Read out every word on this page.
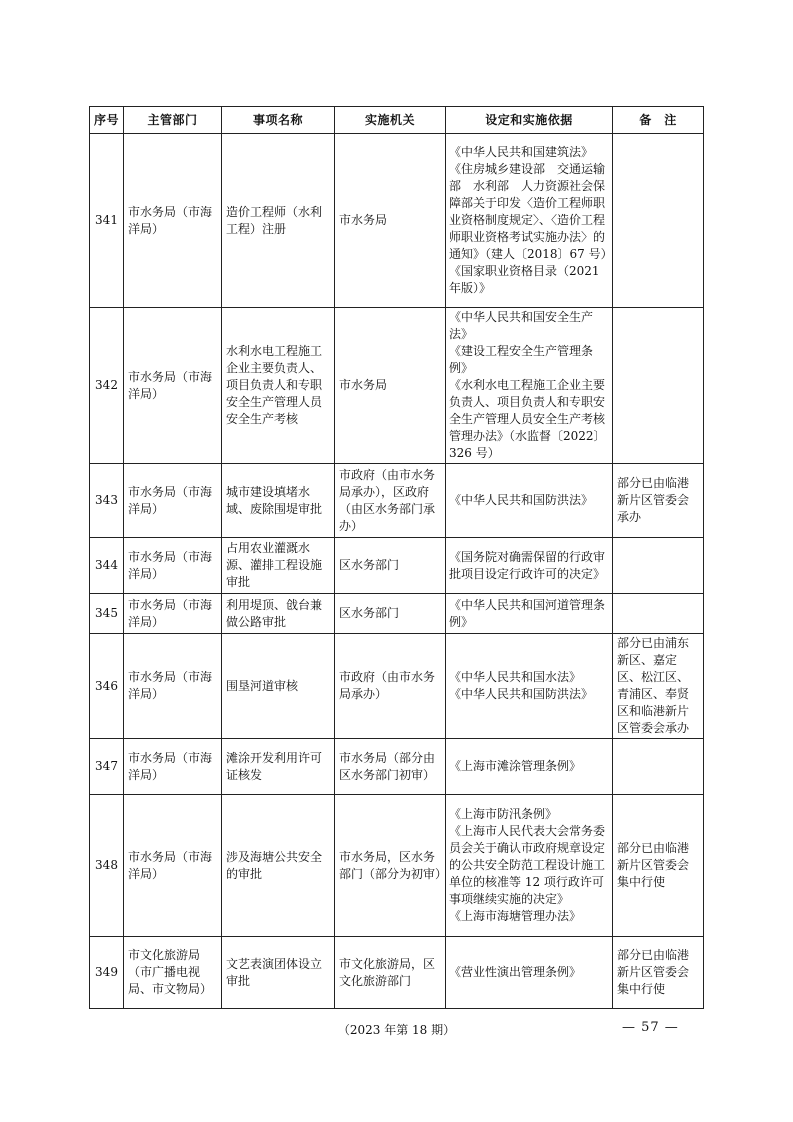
序号	主管部门	事项名称	实施机关	设定和实施依据	备　注
341	市水务局（市海洋局）	造价工程师（水利工程）注册	市水务局	《中华人民共和国建筑法》
《住房城乡建设部　交通运输部　水利部　人力资源社会保障部关于印发〈造价工程师职业资格制度规定〉、〈造价工程师职业资格考试实施办法〉的通知》（建人〔2018〕67 号）
《国家职业资格目录（2021 年版）》	

342	市水务局（市海洋局）	水利水电工程施工企业主要负责人、项目负责人和专职安全生产管理人员安全生产考核	市水务局	《中华人民共和国安全生产法》
《建设工程安全生产管理条例》
《水利水电工程施工企业主要负责人、项目负责人和专职安全生产管理人员安全生产考核管理办法》（水监督〔2022〕326 号）	

343	市水务局（市海洋局）	城市建设填堵水域、废除围堤审批	市政府（由市水务局承办），区政府（由区水务部门承办）	《中华人民共和国防洪法》	部分已由临港新片区管委会承办
344	市水务局（市海洋局）	占用农业灌溉水源、灌排工程设施审批	区水务部门	《国务院对确需保留的行政审批项目设定行政许可的决定》	

345	市水务局（市海洋局）	利用堤顶、戗台兼做公路审批	区水务部门	《中华人民共和国河道管理条例》	

346	市水务局（市海洋局）	围垦河道审核	市政府（由市水务局承办）	《中华人民共和国水法》
《中华人民共和国防洪法》	部分已由浦东新区、嘉定区、松江区、青浦区、奉贤区和临港新片区管委会承办
347	市水务局（市海洋局）	滩涂开发利用许可证核发	市水务局（部分由区水务部门初审）	《上海市滩涂管理条例》	

348	市水务局（市海洋局）	涉及海塘公共安全的审批	市水务局，区水务部门（部分为初审）	《上海市防汛条例》
《上海市人民代表大会常务委员会关于确认市政府规章设定的公共安全防范工程设计施工单位的核准等 12 项行政许可事项继续实施的决定》
《上海市海塘管理办法》	部分已由临港新片区管委会集中行使
349	市文化旅游局（市广播电视局、市文物局）	文艺表演团体设立审批	市文化旅游局，区文化旅游部门	《营业性演出管理条例》	部分已由临港新片区管委会集中行使
（2023 年第 18 期）	— 57 —
